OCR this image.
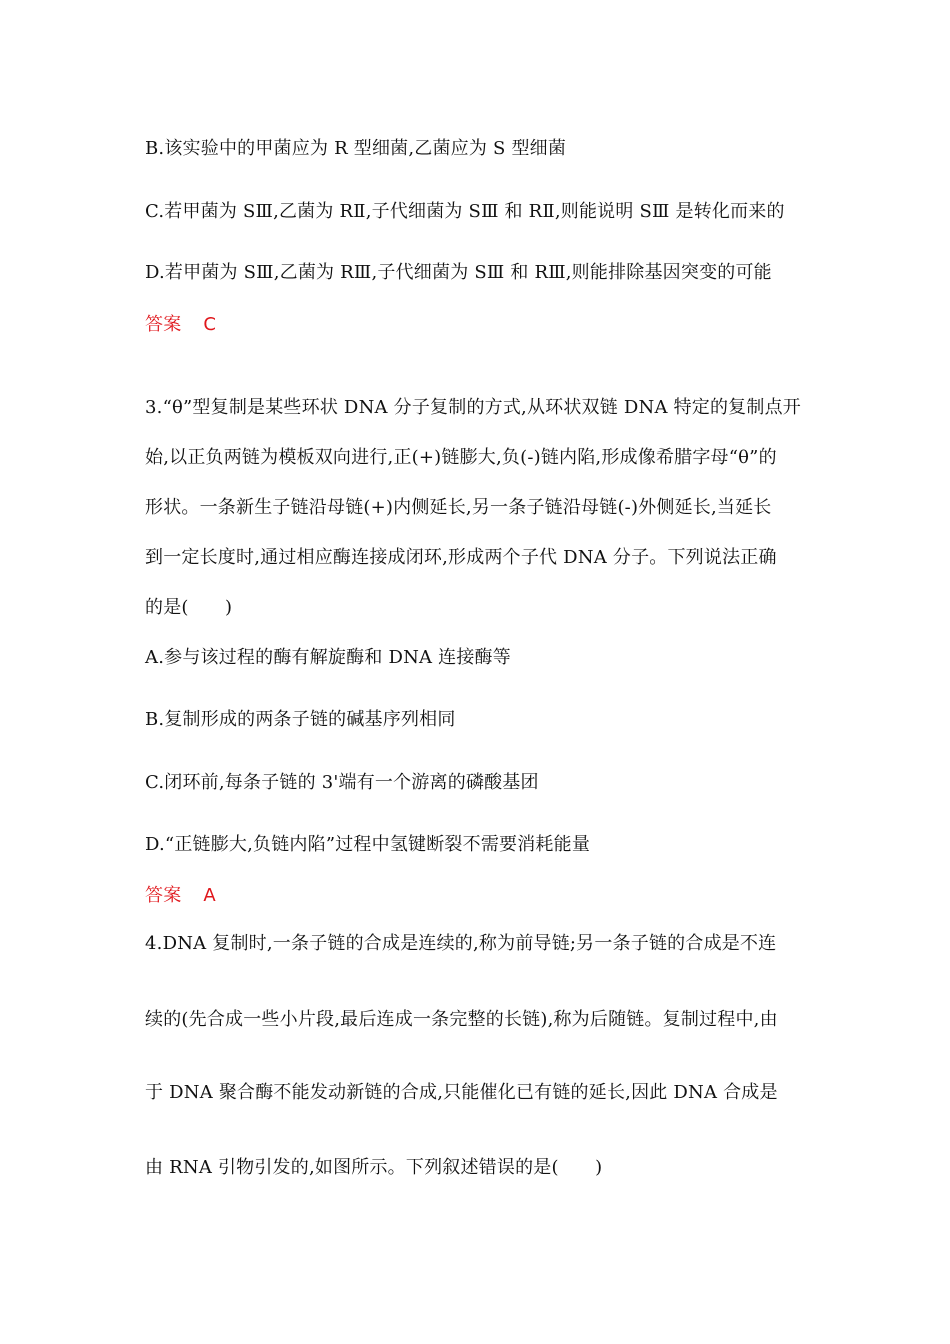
B.该实验中的甲菌应为 R 型细菌,乙菌应为 S 型细菌
C.若甲菌为 SⅢ,乙菌为 RⅡ,子代细菌为 SⅢ 和 RⅡ,则能说明 SⅢ 是转化而来的
D.若甲菌为 SⅢ,乙菌为 RⅢ,子代细菌为 SⅢ 和 RⅢ,则能排除基因突变的可能
答案 C
3.“θ”型复制是某些环状 DNA 分子复制的方式,从环状双链 DNA 特定的复制点开
始,以正负两链为模板双向进行,正(+)链膨大,负(-)链内陷,形成像希腊字母“θ”的
形状。一条新生子链沿母链(+)内侧延长,另一条子链沿母链(-)外侧延长,当延长
到一定长度时,通过相应酶连接成闭环,形成两个子代 DNA 分子。下列说法正确
的是(　　)
A.参与该过程的酶有解旋酶和 DNA 连接酶等
B.复制形成的两条子链的碱基序列相同
C.闭环前,每条子链的 3'端有一个游离的磷酸基团
D.“正链膨大,负链内陷”过程中氢键断裂不需要消耗能量
答案 A
4.DNA 复制时,一条子链的合成是连续的,称为前导链;另一条子链的合成是不连
续的(先合成一些小片段,最后连成一条完整的长链),称为后随链。复制过程中,由
于 DNA 聚合酶不能发动新链的合成,只能催化已有链的延长,因此 DNA 合成是
由 RNA 引物引发的,如图所示。下列叙述错误的是(　　)
